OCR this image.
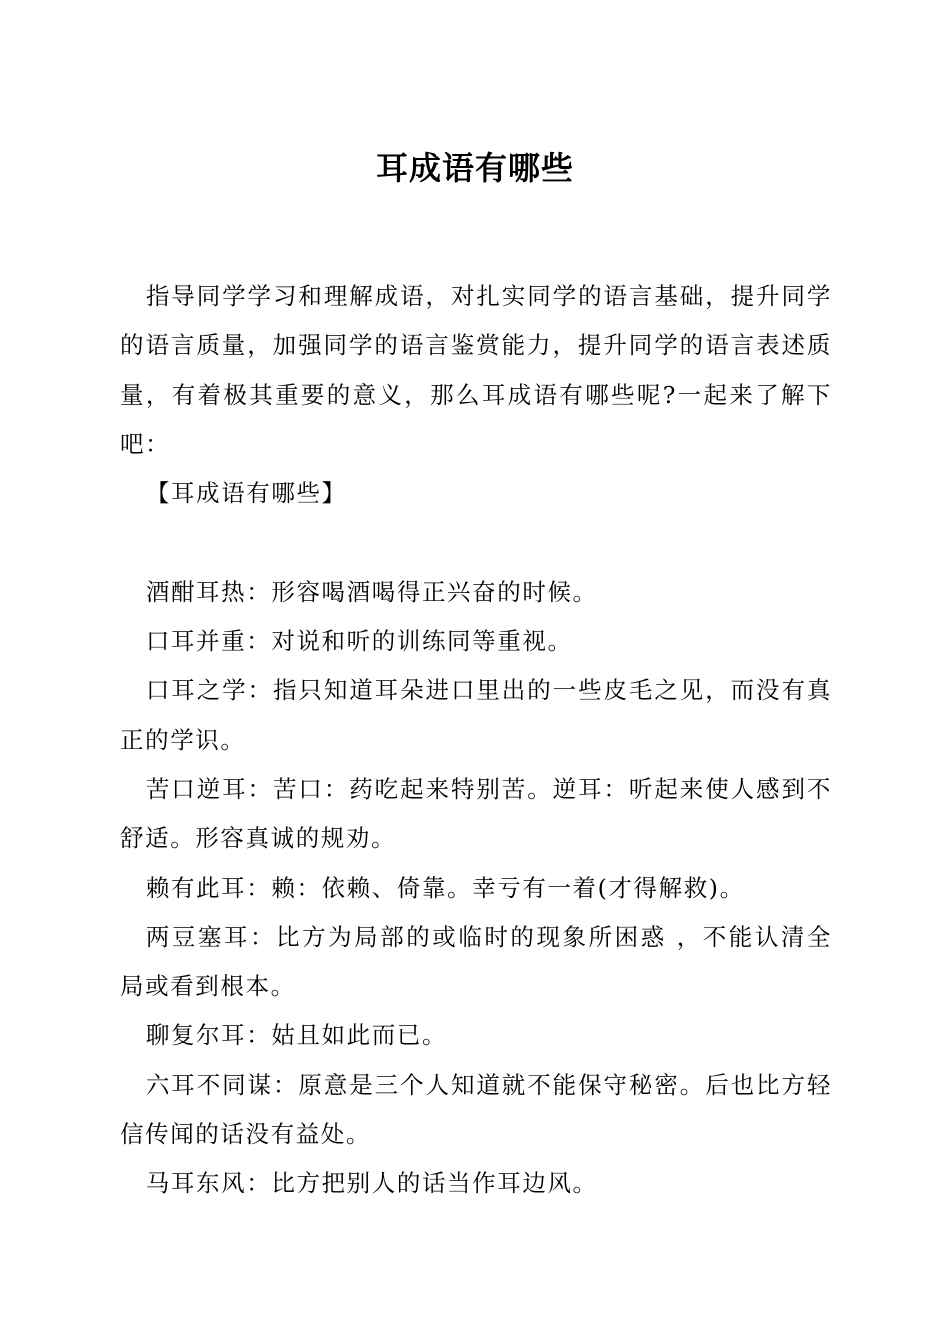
耳成语有哪些

指导同学学习和理解成语，对扎实同学的语言基础，提升同学的语言质量，加强同学的语言鉴赏能力，提升同学的语言表述质量，有着极其重要的意义，那么耳成语有哪些呢?一起来了解下吧：

【耳成语有哪些】

酒酣耳热：形容喝酒喝得正兴奋的时候。

口耳并重：对说和听的训练同等重视。

口耳之学：指只知道耳朵进口里出的一些皮毛之见，而没有真正的学识。

苦口逆耳：苦口：药吃起来特别苦。逆耳：听起来使人感到不舒适。形容真诚的规劝。

赖有此耳：赖：依赖、倚靠。幸亏有一着(才得解救)。

两豆塞耳：比方为局部的或临时的现象所困惑 ，不能认清全局或看到根本。

聊复尔耳：姑且如此而已。

六耳不同谋：原意是三个人知道就不能保守秘密。后也比方轻信传闻的话没有益处。

马耳东风：比方把别人的话当作耳边风。
